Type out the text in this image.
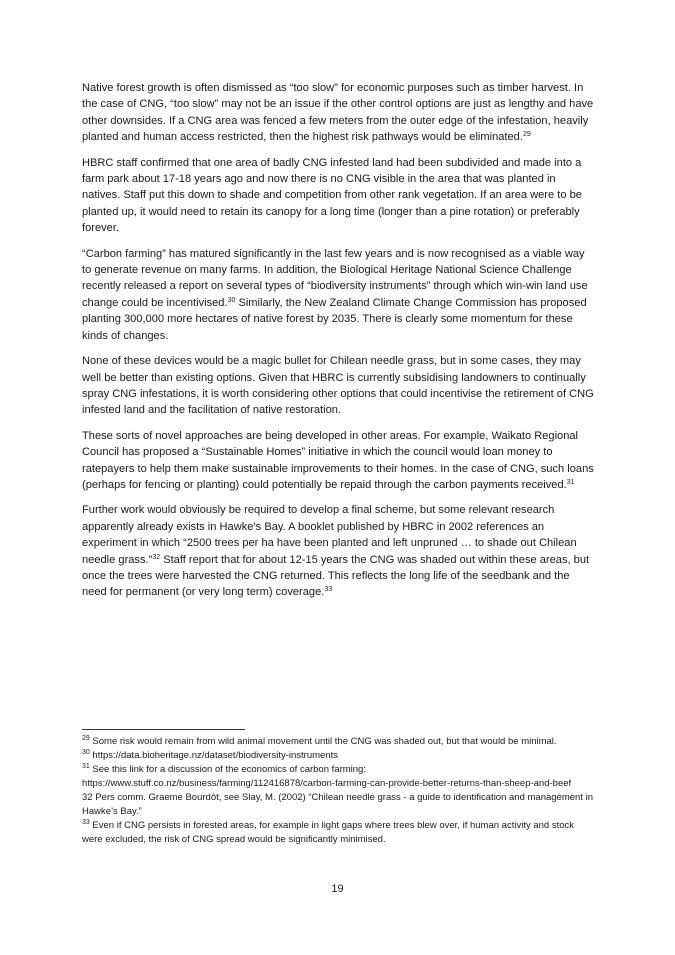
Native forest growth is often dismissed as “too slow” for economic purposes such as timber harvest. In the case of CNG, “too slow” may not be an issue if the other control options are just as lengthy and have other downsides. If a CNG area was fenced a few meters from the outer edge of the infestation, heavily planted and human access restricted, then the highest risk pathways would be eliminated.$^{29}$

HBRC staff confirmed that one area of badly CNG infested land had been subdivided and made into a farm park about 17-18 years ago and now there is no CNG visible in the area that was planted in natives. Staff put this down to shade and competition from other rank vegetation. If an area were to be planted up, it would need to retain its canopy for a long time (longer than a pine rotation) or preferably forever.

“Carbon farming” has matured significantly in the last few years and is now recognised as a viable way to generate revenue on many farms. In addition, the Biological Heritage National Science Challenge recently released a report on several types of “biodiversity instruments” through which win-win land use change could be incentivised.$^{30}$ Similarly, the New Zealand Climate Change Commission has proposed planting 300,000 more hectares of native forest by 2035. There is clearly some momentum for these kinds of changes.

None of these devices would be a magic bullet for Chilean needle grass, but in some cases, they may well be better than existing options. Given that HBRC is currently subsidising landowners to continually spray CNG infestations, it is worth considering other options that could incentivise the retirement of CNG infested land and the facilitation of native restoration.

These sorts of novel approaches are being developed in other areas. For example, Waikato Regional Council has proposed a “Sustainable Homes” initiative in which the council would loan money to ratepayers to help them make sustainable improvements to their homes. In the case of CNG, such loans (perhaps for fencing or planting) could potentially be repaid through the carbon payments received.$^{31}$

Further work would obviously be required to develop a final scheme, but some relevant research apparently already exists in Hawke’s Bay. A booklet published by HBRC in 2002 references an experiment in which “2500 trees per ha have been planted and left unpruned … to shade out Chilean needle grass.”$^{32}$ Staff report that for about 12-15 years the CNG was shaded out within these areas, but once the trees were harvested the CNG returned. This reflects the long life of the seedbank and the need for permanent (or very long term) coverage.$^{33}$

$^{29}$ Some risk would remain from wild animal movement until the CNG was shaded out, but that would be minimal.

$^{30}$ https://data.bioheritage.nz/dataset/biodiversity-instruments

$^{31}$ See this link for a discussion of the economics of carbon farming: https://www.stuff.co.nz/business/farming/112416878/carbon-farming-can-provide-better-returns-than-sheep-and-beef

32 Pers comm. Graeme Bourdôt, see Slay, M. (2002) “Chilean needle grass - a guide to identification and management in Hawke’s Bay.”

$^{33}$ Even if CNG persists in forested areas, for example in light gaps where trees blew over, if human activity and stock were excluded, the risk of CNG spread would be significantly minimised.

19
